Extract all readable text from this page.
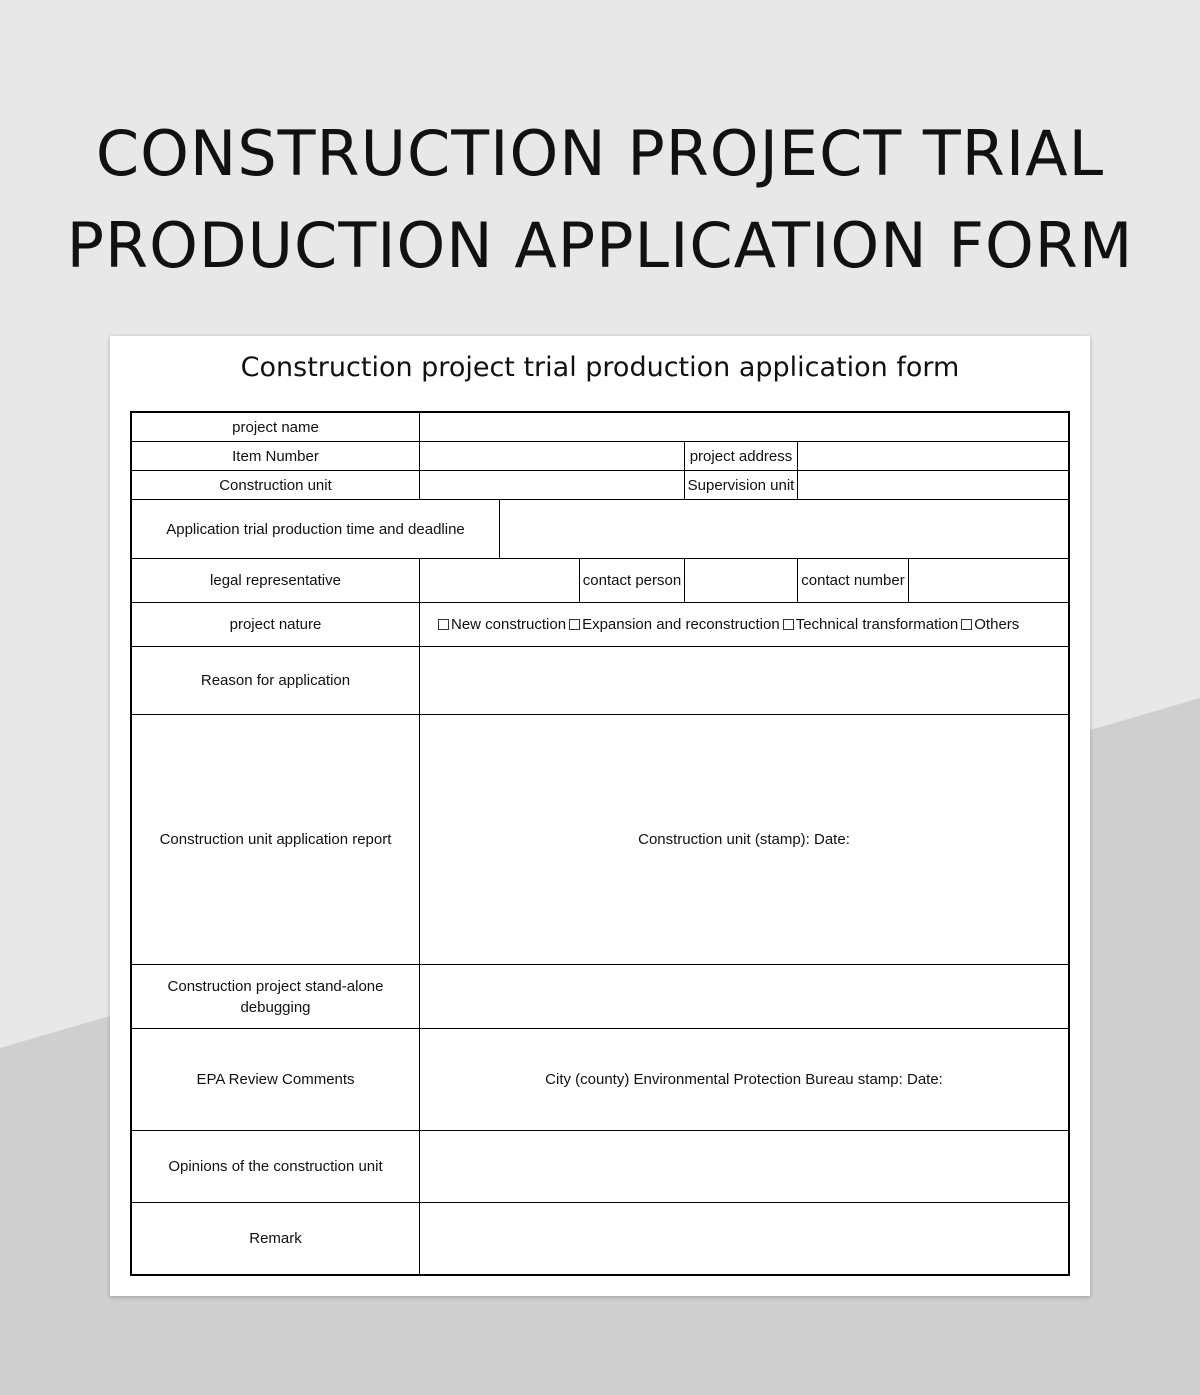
CONSTRUCTION PROJECT TRIAL
PRODUCTION APPLICATION FORM
Construction project trial production application form
project name
Item Number	project address
Construction unit	Supervision unit
Application trial production time and deadline
legal representative	contact person	contact number
project nature	New construction	Expansion and reconstruction	Technical transformation	Others
Reason for application
Construction unit application report	Construction unit (stamp): Date:
Construction project stand-alone debugging
EPA Review Comments	City (county) Environmental Protection Bureau stamp: Date:
Opinions of the construction unit
Remark
